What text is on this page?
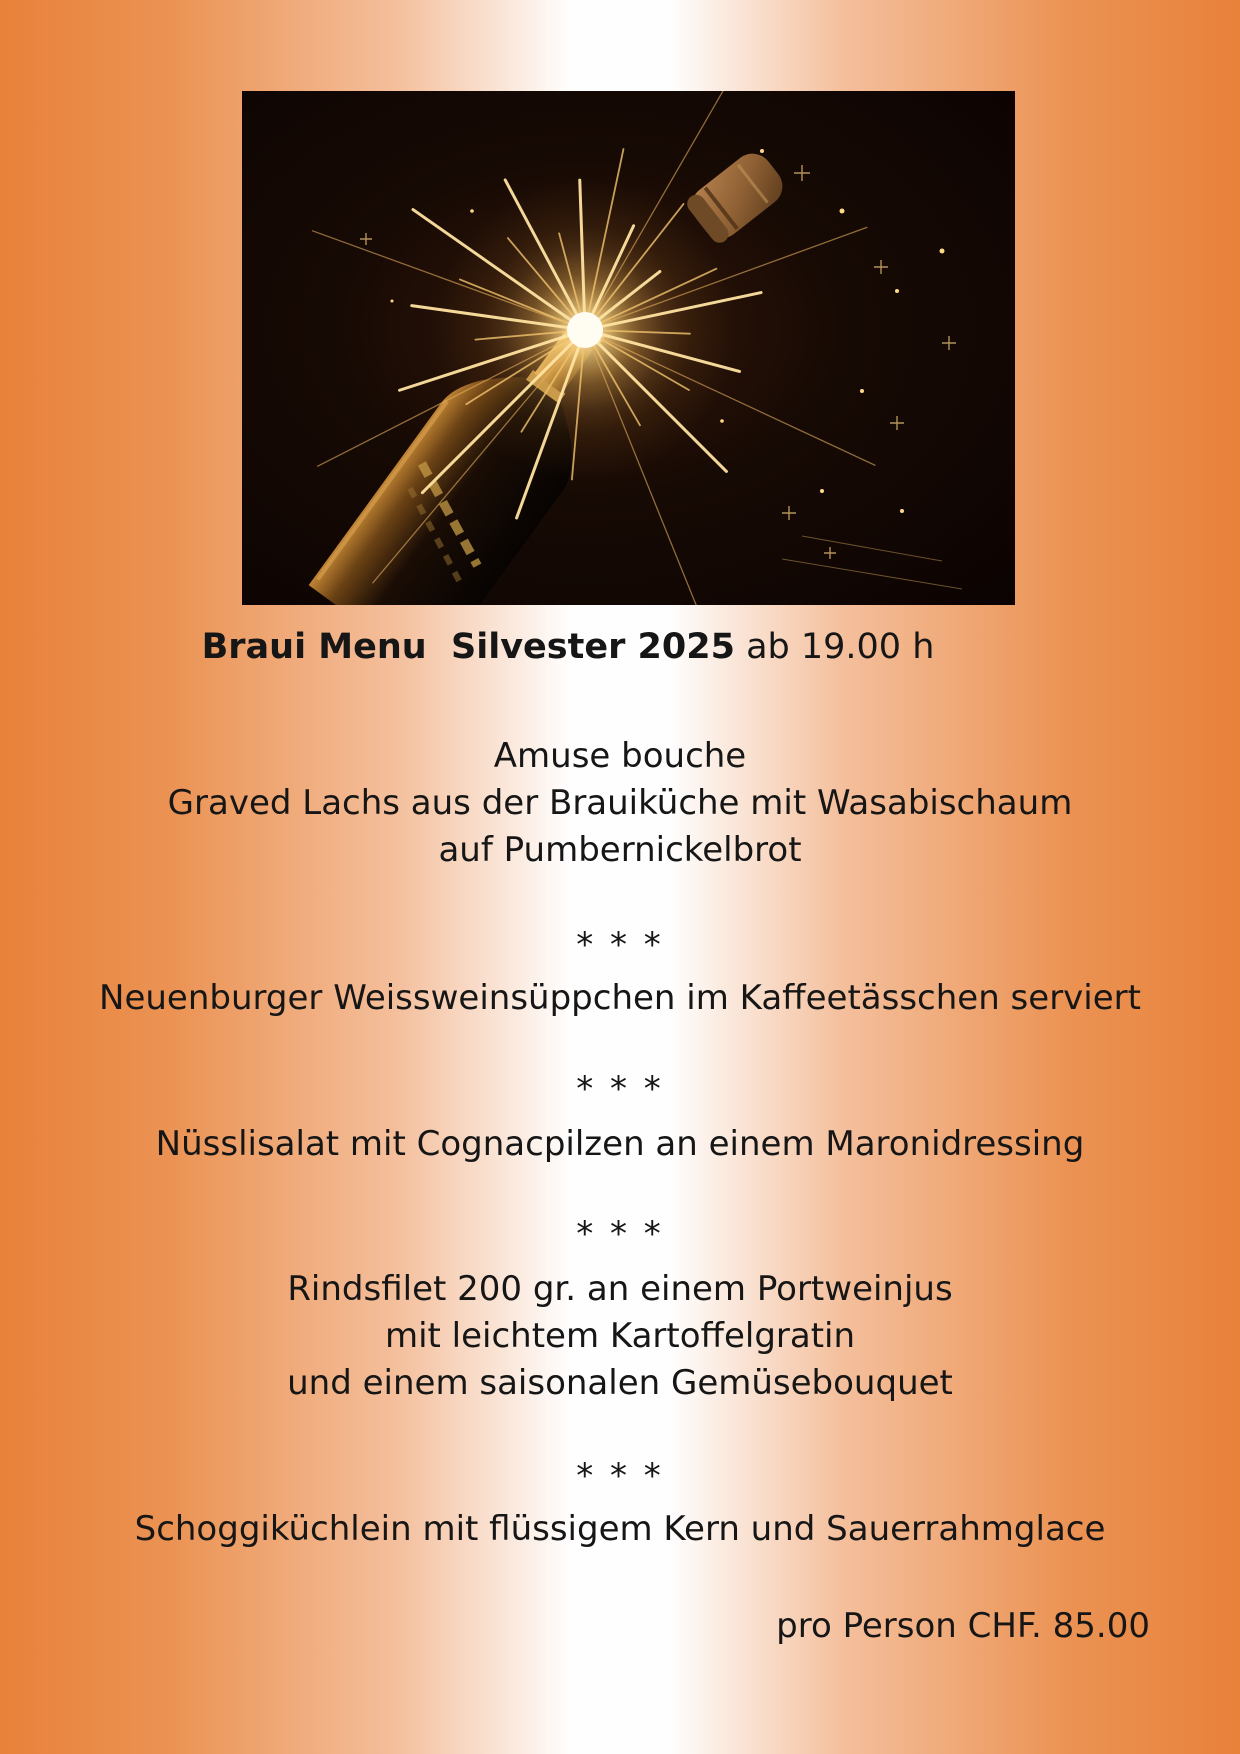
Braui Menu  Silvester 2025 ab 19.00 h
Amuse bouche
Graved Lachs aus der Brauiküche mit Wasabischaum
auf Pumbernickelbrot
* * *
Neuenburger Weissweinsüppchen im Kaffeetässchen serviert
* * *
Nüsslisalat mit Cognacpilzen an einem Maronidressing
* * *
Rindsfilet 200 gr. an einem Portweinjus
mit leichtem Kartoffelgratin
und einem saisonalen Gemüsebouquet
* * *
Schoggiküchlein mit flüssigem Kern und Sauerrahmglace
pro Person CHF. 85.00
